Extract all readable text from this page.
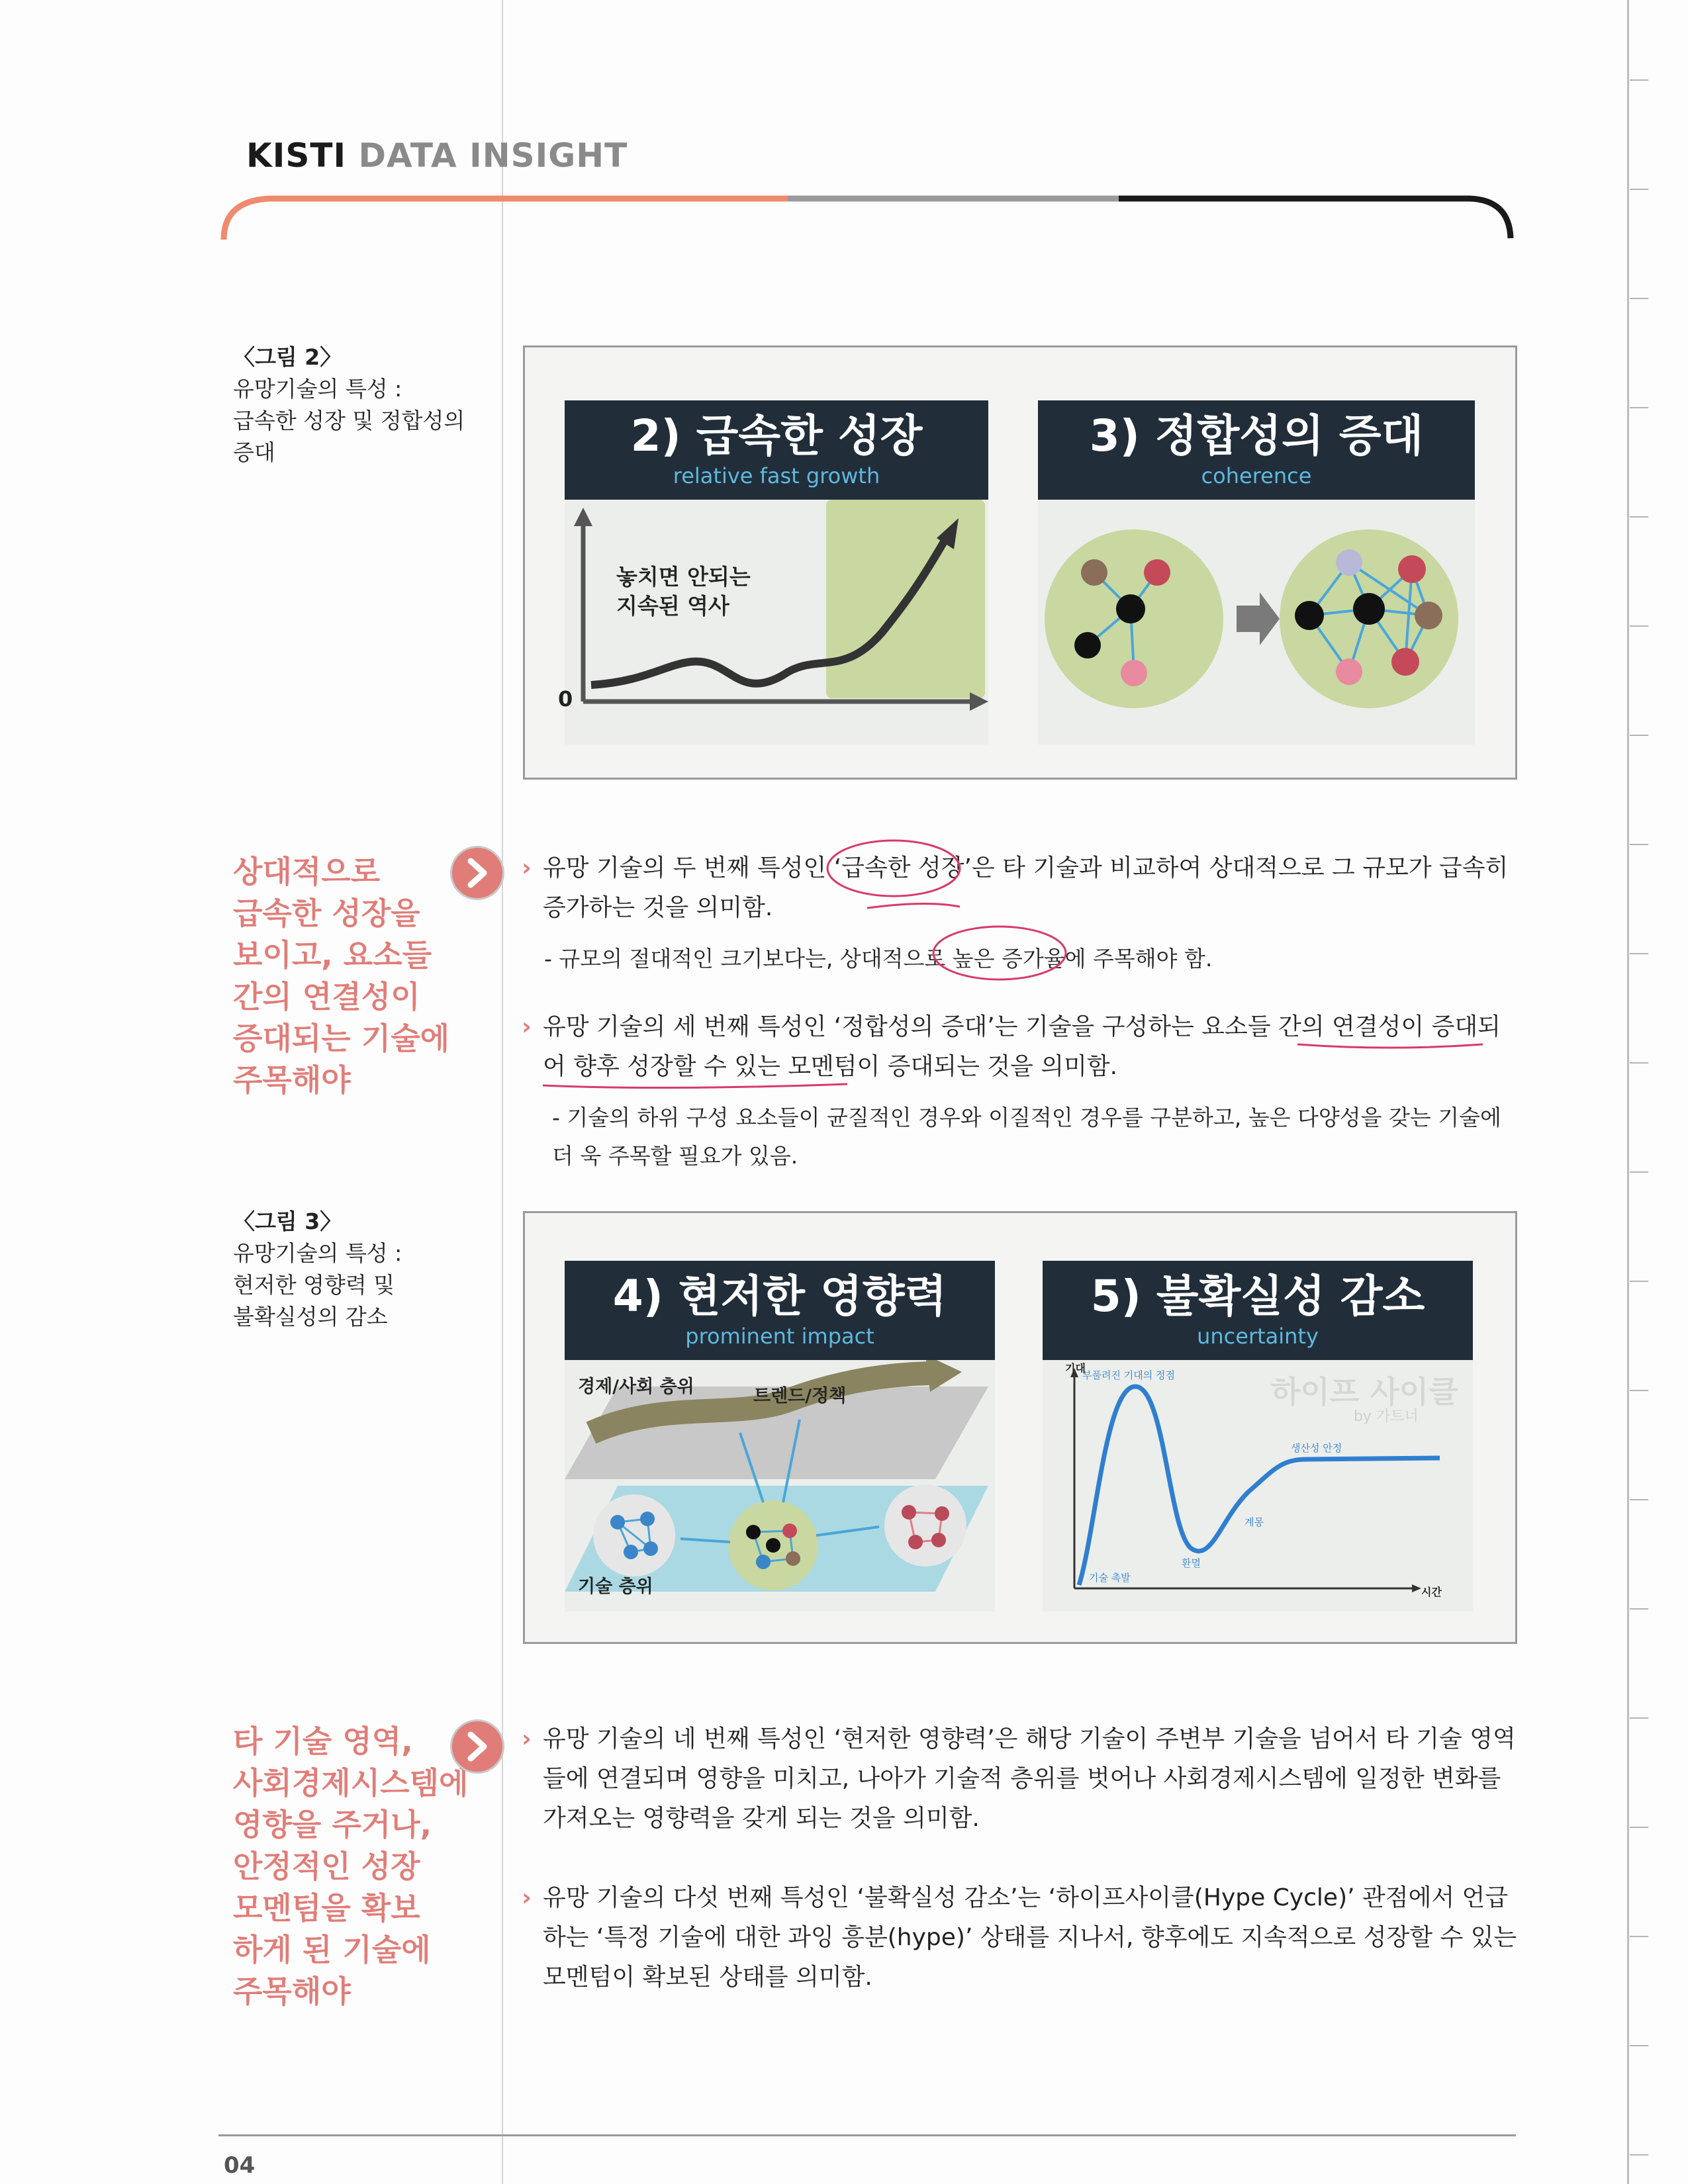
KISTI DATA INSIGHT
〈그림 2〉
유망기술의 특성 :
급속한 성장 및 정합성의
증대	2) 급속한 성장
relative fast growth
놓치면 안되는
지속된 역사
0
3) 정합성의 증대
coherence
상대적으로
급속한 성장을
보이고, 요소들
간의 연결성이
증대되는 기술에
주목해야
› 유망 기술의 두 번째 특성인 ‘급속한 성장’은 타 기술과 비교하여 상대적으로 그 규모가 급속히 증가하는 것을 의미함.
- 규모의 절대적인 크기보다는, 상대적으로 높은 증가율에 주목해야 함.
› 유망 기술의 세 번째 특성인 ‘정합성의 증대’는 기술을 구성하는 요소들 간의 연결성이 증대되어 향후 성장할 수 있는 모멘텀이 증대되는 것을 의미함.
- 기술의 하위 구성 요소들이 균질적인 경우와 이질적인 경우를 구분하고, 높은 다양성을 갖는 기술에 더 욱 주목할 필요가 있음.
〈그림 3〉
유망기술의 특성 :
현저한 영향력 및
불확실성의 감소	4) 현저한 영향력
prominent impact
경제/사회 층위	트렌드/정책
기술 층위
5) 불확실성 감소
uncertainty
기대
시간
하이프 사이클
by 가트너
부풀려진 기대의 정점
환멸
계몽
생산성 안정
기술 촉발
타 기술 영역,
사회경제시스템에
영향을 주거나,
안정적인 성장
모멘텀을 확보
하게 된 기술에
주목해야
› 유망 기술의 네 번째 특성인 ‘현저한 영향력’은 해당 기술이 주변부 기술을 넘어서 타 기술 영역들에 연결되며 영향을 미치고, 나아가 기술적 층위를 벗어나 사회경제시스템에 일정한 변화를 가져오는 영향력을 갖게 되는 것을 의미함.
› 유망 기술의 다섯 번째 특성인 ‘불확실성 감소’는 ‘하이프사이클(Hype Cycle)’ 관점에서 언급하는 ‘특정 기술에 대한 과잉 흥분(hype)’ 상태를 지나서, 향후에도 지속적으로 성장할 수 있는 모멘텀이 확보된 상태를 의미함.
04
